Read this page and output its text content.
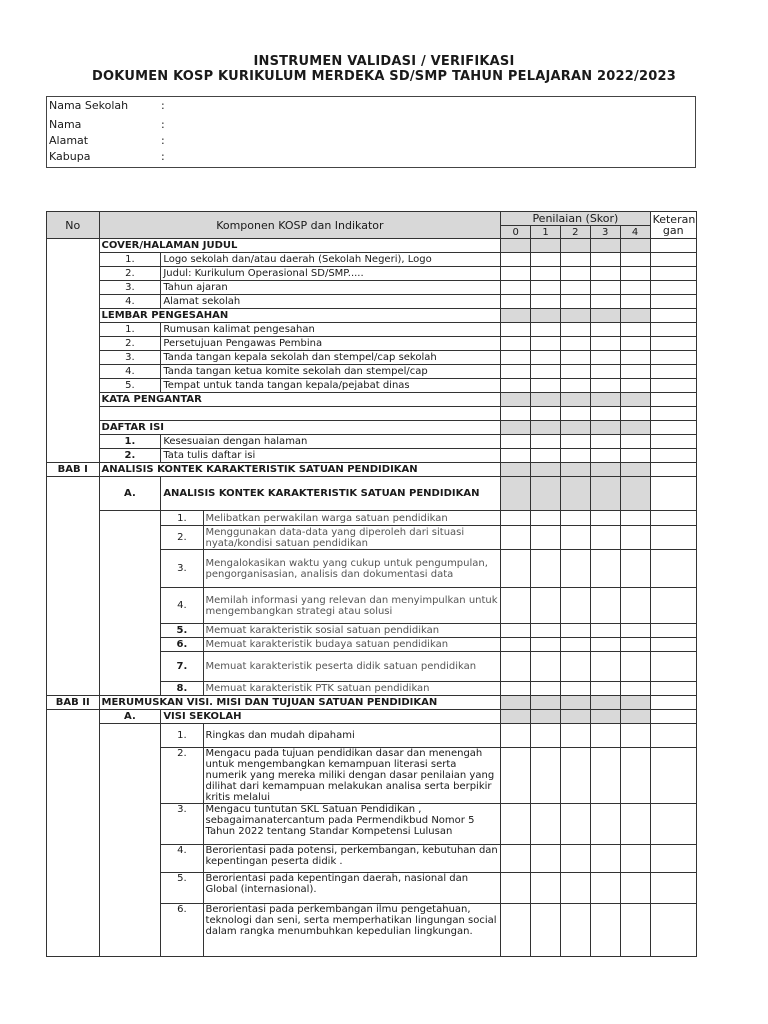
INSTRUMEN VALIDASI / VERIFIKASI
DOKUMEN KOSP KURIKULUM MERDEKA SD/SMP TAHUN PELAJARAN 2022/2023
Nama Sekolah	:
Nama	:
Alamat	:
Kabupa	:
No	Komponen KOSP dan Indikator			Penilaian (Skor)					Keteran gan
				0	1	2	3	4	
	COVER/HALAMAN JUDUL								
	1.	Logo sekolah dan/atau daerah (Sekolah Negeri), Logo							
	2.	Judul: Kurikulum Operasional SD/SMP.....							
	3.	Tahun ajaran							
	4.	Alamat sekolah							
	LEMBAR PENGESAHAN								
	1.	Rumusan kalimat pengesahan							
	2.	Persetujuan Pengawas Pembina							
	3.	Tanda tangan kepala sekolah dan stempel/cap sekolah							
	4.	Tanda tangan ketua komite sekolah dan stempel/cap							
	5.	Tempat untuk tanda tangan kepala/pejabat dinas							
	KATA PENGANTAR								

	DAFTAR ISI								
	1.	Kesesuaian dengan halaman							
	2.	Tata tulis daftar isi							
BAB I	ANALISIS KONTEK KARAKTERISTIK SATUAN PENDIDIKAN								
	A.	ANALISIS KONTEK KARAKTERISTIK SATUAN PENDIDIKAN							
		1.	Melibatkan perwakilan warga satuan pendidikan						
		2.	Menggunakan data-data yang diperoleh dari situasi nyata/kondisi satuan pendidikan						
		3.	Mengalokasikan waktu yang cukup untuk pengumpulan, pengorganisasian, analisis dan dokumentasi data						
		4.	Memilah informasi yang relevan dan menyimpulkan untuk mengembangkan strategi atau solusi						
		5.	Memuat karakteristik sosial satuan pendidikan						
		6.	Memuat karakteristik budaya satuan pendidikan						
		7.	Memuat karakteristik peserta didik satuan pendidikan						
		8.	Memuat karakteristik PTK satuan pendidikan						
BAB II	MERUMUSKAN VISI. MISI DAN TUJUAN SATUAN PENDIDIKAN								
	A.	VISI SEKOLAH							
		1.	Ringkas dan mudah dipahami						
		2.	Mengacu pada tujuan pendidikan dasar dan menengah untuk mengembangkan kemampuan literasi serta numerik yang mereka miliki dengan dasar penilaian yang dilihat dari kemampuan melakukan analisa serta berpikir kritis melalui						
		3.	Mengacu tuntutan SKL Satuan Pendidikan , sebagaimanatercantum pada Permendikbud Nomor 5 Tahun 2022 tentang Standar Kompetensi Lulusan						
		4.	Berorientasi pada potensi, perkembangan, kebutuhan dan kepentingan peserta didik .						
		5.	Berorientasi pada kepentingan daerah, nasional dan Global (internasional).						
		6.	Berorientasi pada perkembangan ilmu pengetahuan, teknologi dan seni, serta memperhatikan lingungan social dalam rangka menumbuhkan kepedulian lingkungan.						
